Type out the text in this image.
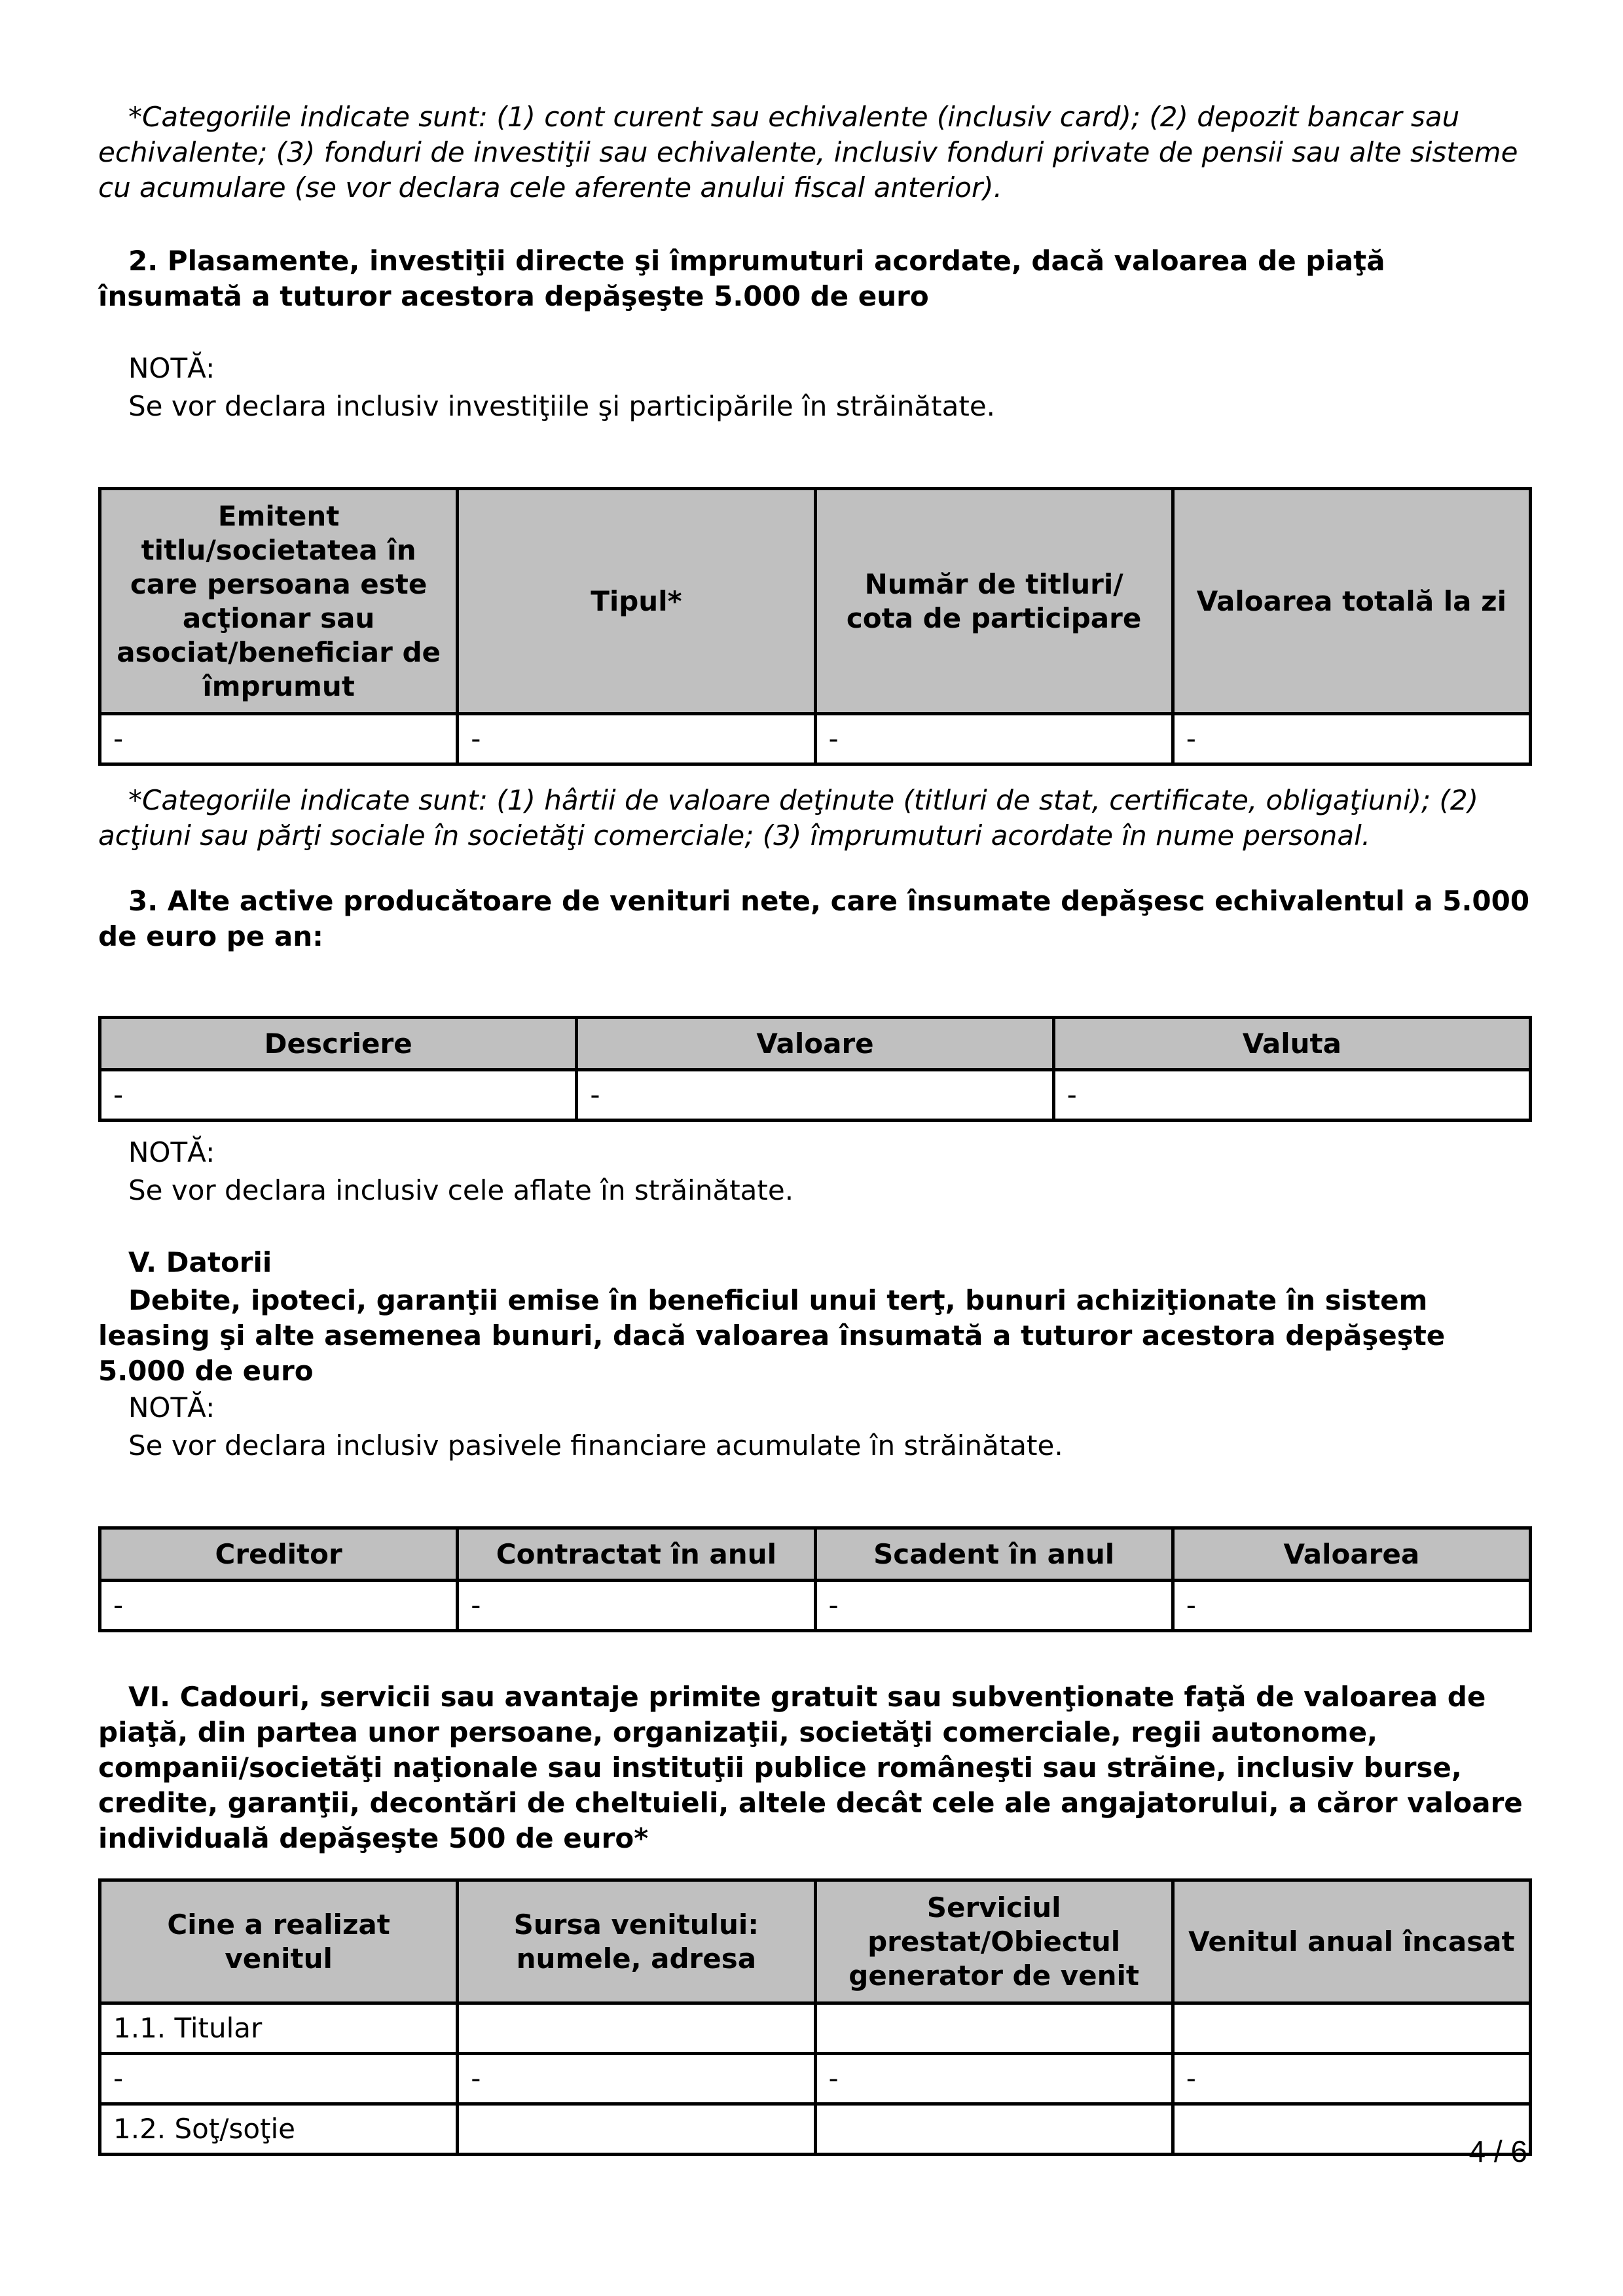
*Categoriile indicate sunt: (1) cont curent sau echivalente (inclusiv card); (2) depozit bancar sau echivalente; (3) fonduri de investiţii sau echivalente, inclusiv fonduri private de pensii sau alte sisteme cu acumulare (se vor declara cele aferente anului fiscal anterior).
2. Plasamente, investiţii directe şi împrumuturi acordate, dacă valoarea de piaţă însumată a tuturor acestora depăşeşte 5.000 de euro
NOTĂ:
Se vor declara inclusiv investiţiile şi participările în străinătate.
Emitent titlu/societatea în care persoana este acţionar sau asociat/beneficiar de împrumut	Tipul*	Număr de titluri/ cota de participare	Valoarea totală la zi
-	-	-	-
*Categoriile indicate sunt: (1) hârtii de valoare deţinute (titluri de stat, certificate, obligaţiuni); (2) acţiuni sau părţi sociale în societăţi comerciale; (3) împrumuturi acordate în nume personal.
3. Alte active producătoare de venituri nete, care însumate depăşesc echivalentul a 5.000 de euro pe an:
Descriere	Valoare	Valuta
-	-	-
NOTĂ:
Se vor declara inclusiv cele aflate în străinătate.
V. Datorii
Debite, ipoteci, garanţii emise în beneficiul unui terţ, bunuri achiziţionate în sistem leasing şi alte asemenea bunuri, dacă valoarea însumată a tuturor acestora depăşeşte 5.000 de euro
NOTĂ:
Se vor declara inclusiv pasivele financiare acumulate în străinătate.
Creditor	Contractat în anul	Scadent în anul	Valoarea
-	-	-	-
VI. Cadouri, servicii sau avantaje primite gratuit sau subvenţionate faţă de valoarea de piaţă, din partea unor persoane, organizaţii, societăţi comerciale, regii autonome, companii/societăţi naţionale sau instituţii publice româneşti sau străine, inclusiv burse, credite, garanţii, decontări de cheltuieli, altele decât cele ale angajatorului, a căror valoare individuală depăşeşte 500 de euro*
Cine a realizat venitul	Sursa venitului: numele, adresa	Serviciul prestat/Obiectul generator de venit	Venitul anual încasat
1.1. Titular			
-	-	-	-
1.2. Soţ/soţie			
4 / 6
